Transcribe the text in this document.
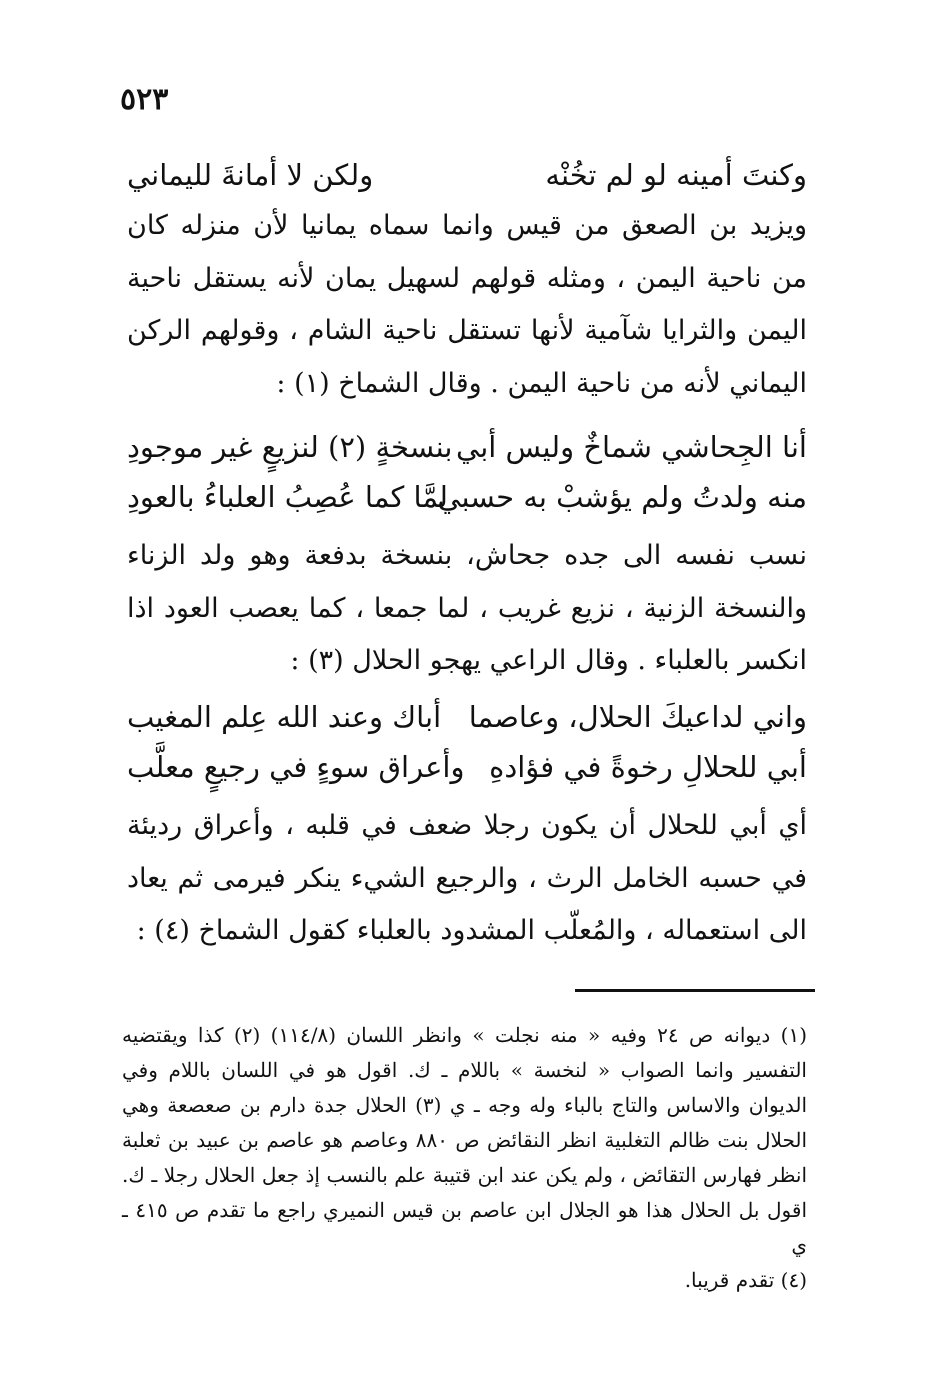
٥٢٣
وكنتَ أمينه لو لم تخُنْه
ولكن لا أمانةَ لليماني

ويزيد بن الصعق من قيس وانما سماه يمانيا لأن منزله كان من ناحية اليمن ، ومثله قولهم لسهيل يمان لأنه يستقل ناحية اليمن والثرايا شآمية لأنها تستقل ناحية الشام ، وقولهم الركن اليماني لأنه من ناحية اليمن . وقال الشماخ (١) :

أنا الجِحاشي شماخٌ وليس أبي
بنسخةٍ (٢) لنزيعٍ غير موجودِ
منه ولدتُ ولم يؤشبْ به حسبي
لمَّا كما عُصِبُ العلباءُ بالعودِ

نسب نفسه الى جده جحاش، بنسخة بدفعة وهو ولد الزناء والنسخة الزنية ، نزيع غريب ، لما جمعا ، كما يعصب العود اذا انكسر بالعلباء . وقال الراعي يهجو الحلال (٣) :

واني لداعيكَ الحلال، وعاصما
أباك وعند الله عِلم المغيب
أبي للحلالِ رخوةً في فؤادهِ
وأعراق سوءٍ في رجيعٍ معلَّب

أي أبي للحلال أن يكون رجلا ضعف في قلبه ، وأعراق رديئة في حسبه الخامل الرث ، والرجيع الشيء ينكر فيرمى ثم يعاد الى استعماله ، والمُعلّب المشدود بالعلباء كقول الشماخ (٤) :

(١) ديوانه ص ٢٤ وفيه « منه نجلت » وانظر اللسان (١١٤/٨) (٢) كذا ويقتضيه التفسير وانما الصواب « لنخسة » باللام ـ ك. اقول هو في اللسان باللام وفي الديوان والاساس والتاج بالباء وله وجه ـ ي (٣) الحلال جدة دارم بن صعصعة وهي الحلال بنت ظالم التغلبية انظر النقائض ص ٨٨٠ وعاصم هو عاصم بن عبيد بن ثعلبة انظر فهارس التقائض ، ولم يكن عند ابن قتيبة علم بالنسب إذ جعل الحلال رجلا ـ ك. اقول بل الحلال هذا هو الجلال ابن عاصم بن قيس النميري راجع ما تقدم ص ٤١٥ ـ ي

(٤) تقدم قريبا.
